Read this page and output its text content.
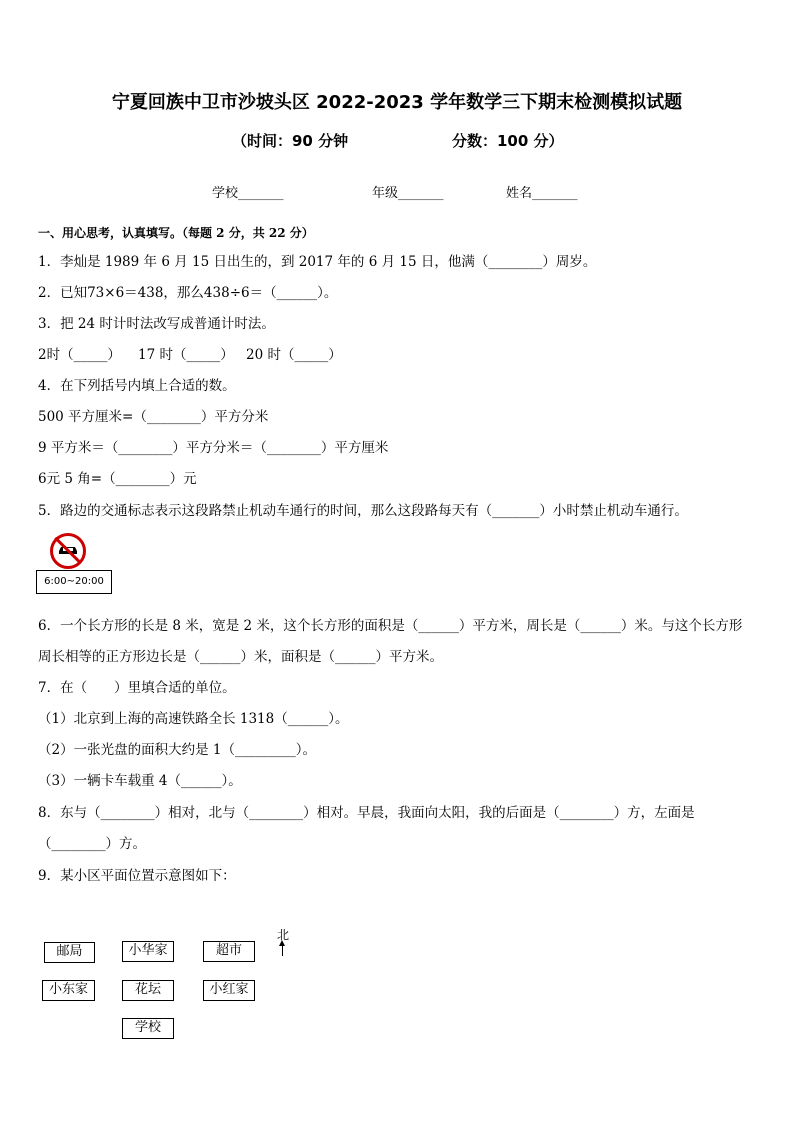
宁夏回族中卫市沙坡头区 2022-2023 学年数学三下期末检测模拟试题
（时间：90 分钟	分数：100 分）
学校_______	年级_______	姓名_______
一、用心思考，认真填写。（每题 2 分，共 22 分）
1．李灿是 1989 年 6 月 15 日出生的，到 2017 年的 6 月 15 日，他满（________）周岁。
2．已知73×6＝438，那么438÷6＝（______）。
3．把 24 时计时法改写成普通计时法。
2时（_____） 17 时（_____） 20 时（_____）
4．在下列括号内填上合适的数。
500 平方厘米=（________）平方分米
9 平方米＝（________）平方分米＝（________）平方厘米
6元 5 角=（________）元
5．路边的交通标志表示这段路禁止机动车通行的时间，那么这段路每天有（_______）小时禁止机动车通行。
6:00~20:00
6．一个长方形的长是 8 米，宽是 2 米，这个长方形的面积是（______）平方米，周长是（______）米。与这个长方形
周长相等的正方形边长是（______）米，面积是（______）平方米。
7．在（　　）里填合适的单位。
（1）北京到上海的高速铁路全长 1318（______）。
（2）一张光盘的面积大约是 1（_________）。
（3）一辆卡车载重 4（______）。
8．东与（________）相对，北与（________）相对。早晨，我面向太阳，我的后面是（________）方，左面是
（________）方。
9．某小区平面位置示意图如下：
邮局	小华家	超市
小东家	花坛	小红家
学校
北
